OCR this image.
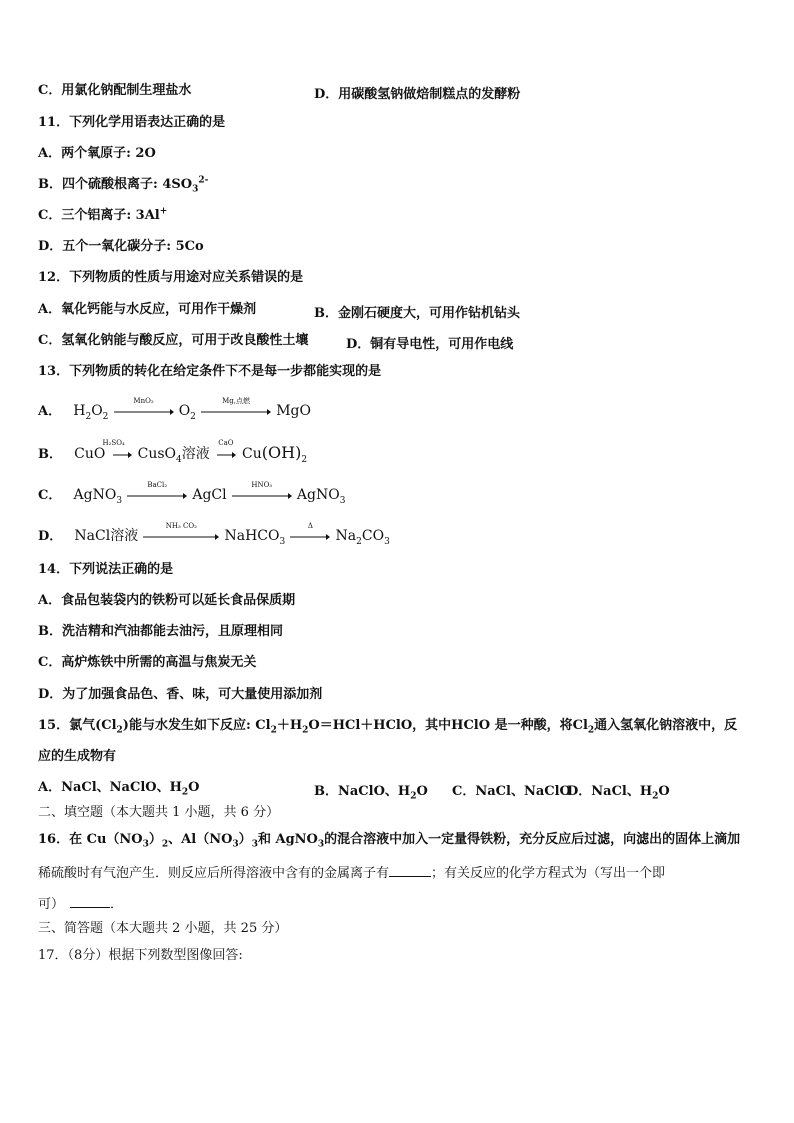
C．用氯化钠配制生理盐水	D．用碳酸氢钠做焙制糕点的发酵粉
11．下列化学用语表达正确的是
A．两个氧原子: 2O
B．四个硫酸根离子: $4SO_3^{2-}$
C．三个铝离子: 3Al+
D．五个一氧化碳分子: 5Co
12．下列物质的性质与用途对应关系错误的是
A．氧化钙能与水反应，可用作干燥剂	B．金刚石硬度大，可用作钻机钻头
C．氢氧化钠能与酸反应，可用于改良酸性土壤	D．铜有导电性，可用作电线
13．下列物质的转化在给定条件下不是每一步都能实现的是
A． $H_2O_2$
MnO₂
$O_2$
Mg,点燃
MgO
B． CuO
H₂SO₄
CusO$_4$溶液
CaO
$Cu(OH)_2$
C． AgNO$_3$
BaCl₂
AgCl
HNO₃
AgNO$_3$
D． NaCl溶液
NH₃ CO₂
NaHCO$_3$
Δ
$Na_2CO_3$
14．下列说法正确的是
A．食品包装袋内的铁粉可以延长食品保质期
B．洗洁精和汽油都能去油污，且原理相同
C．高炉炼铁中所需的高温与焦炭无关
D．为了加强食品色、香、味，可大量使用添加剂
15．氯气$(Cl_2)$能与水发生如下反应: $Cl_2+H_2O=HCl+HClO$，其中HClO 是一种酸，将$Cl_2$通入氢氧化钠溶液中，反
应的生成物有
A．NaCl、NaClO、$H_2O$	B．NaClO、$H_2O$ C．NaCl、NaClO
D．NaCl、$H_2O$
二、填空题（本大题共 1 小题，共 6 分）
16．在 $Cu(NO_3)_2$、$Al(NO_3)_3$和 AgNO$_3$的混合溶液中加入一定量得铁粉，充分反应后过滤，向滤出的固体上滴加
稀硫酸时有气泡产生．则反应后所得溶液中含有的金属离子有	；有关反应的化学方程式为（写出一个即
可）	．
三、简答题（本大题共 2 小题，共 25 分）
17．（8分）根据下列数型图像回答:
